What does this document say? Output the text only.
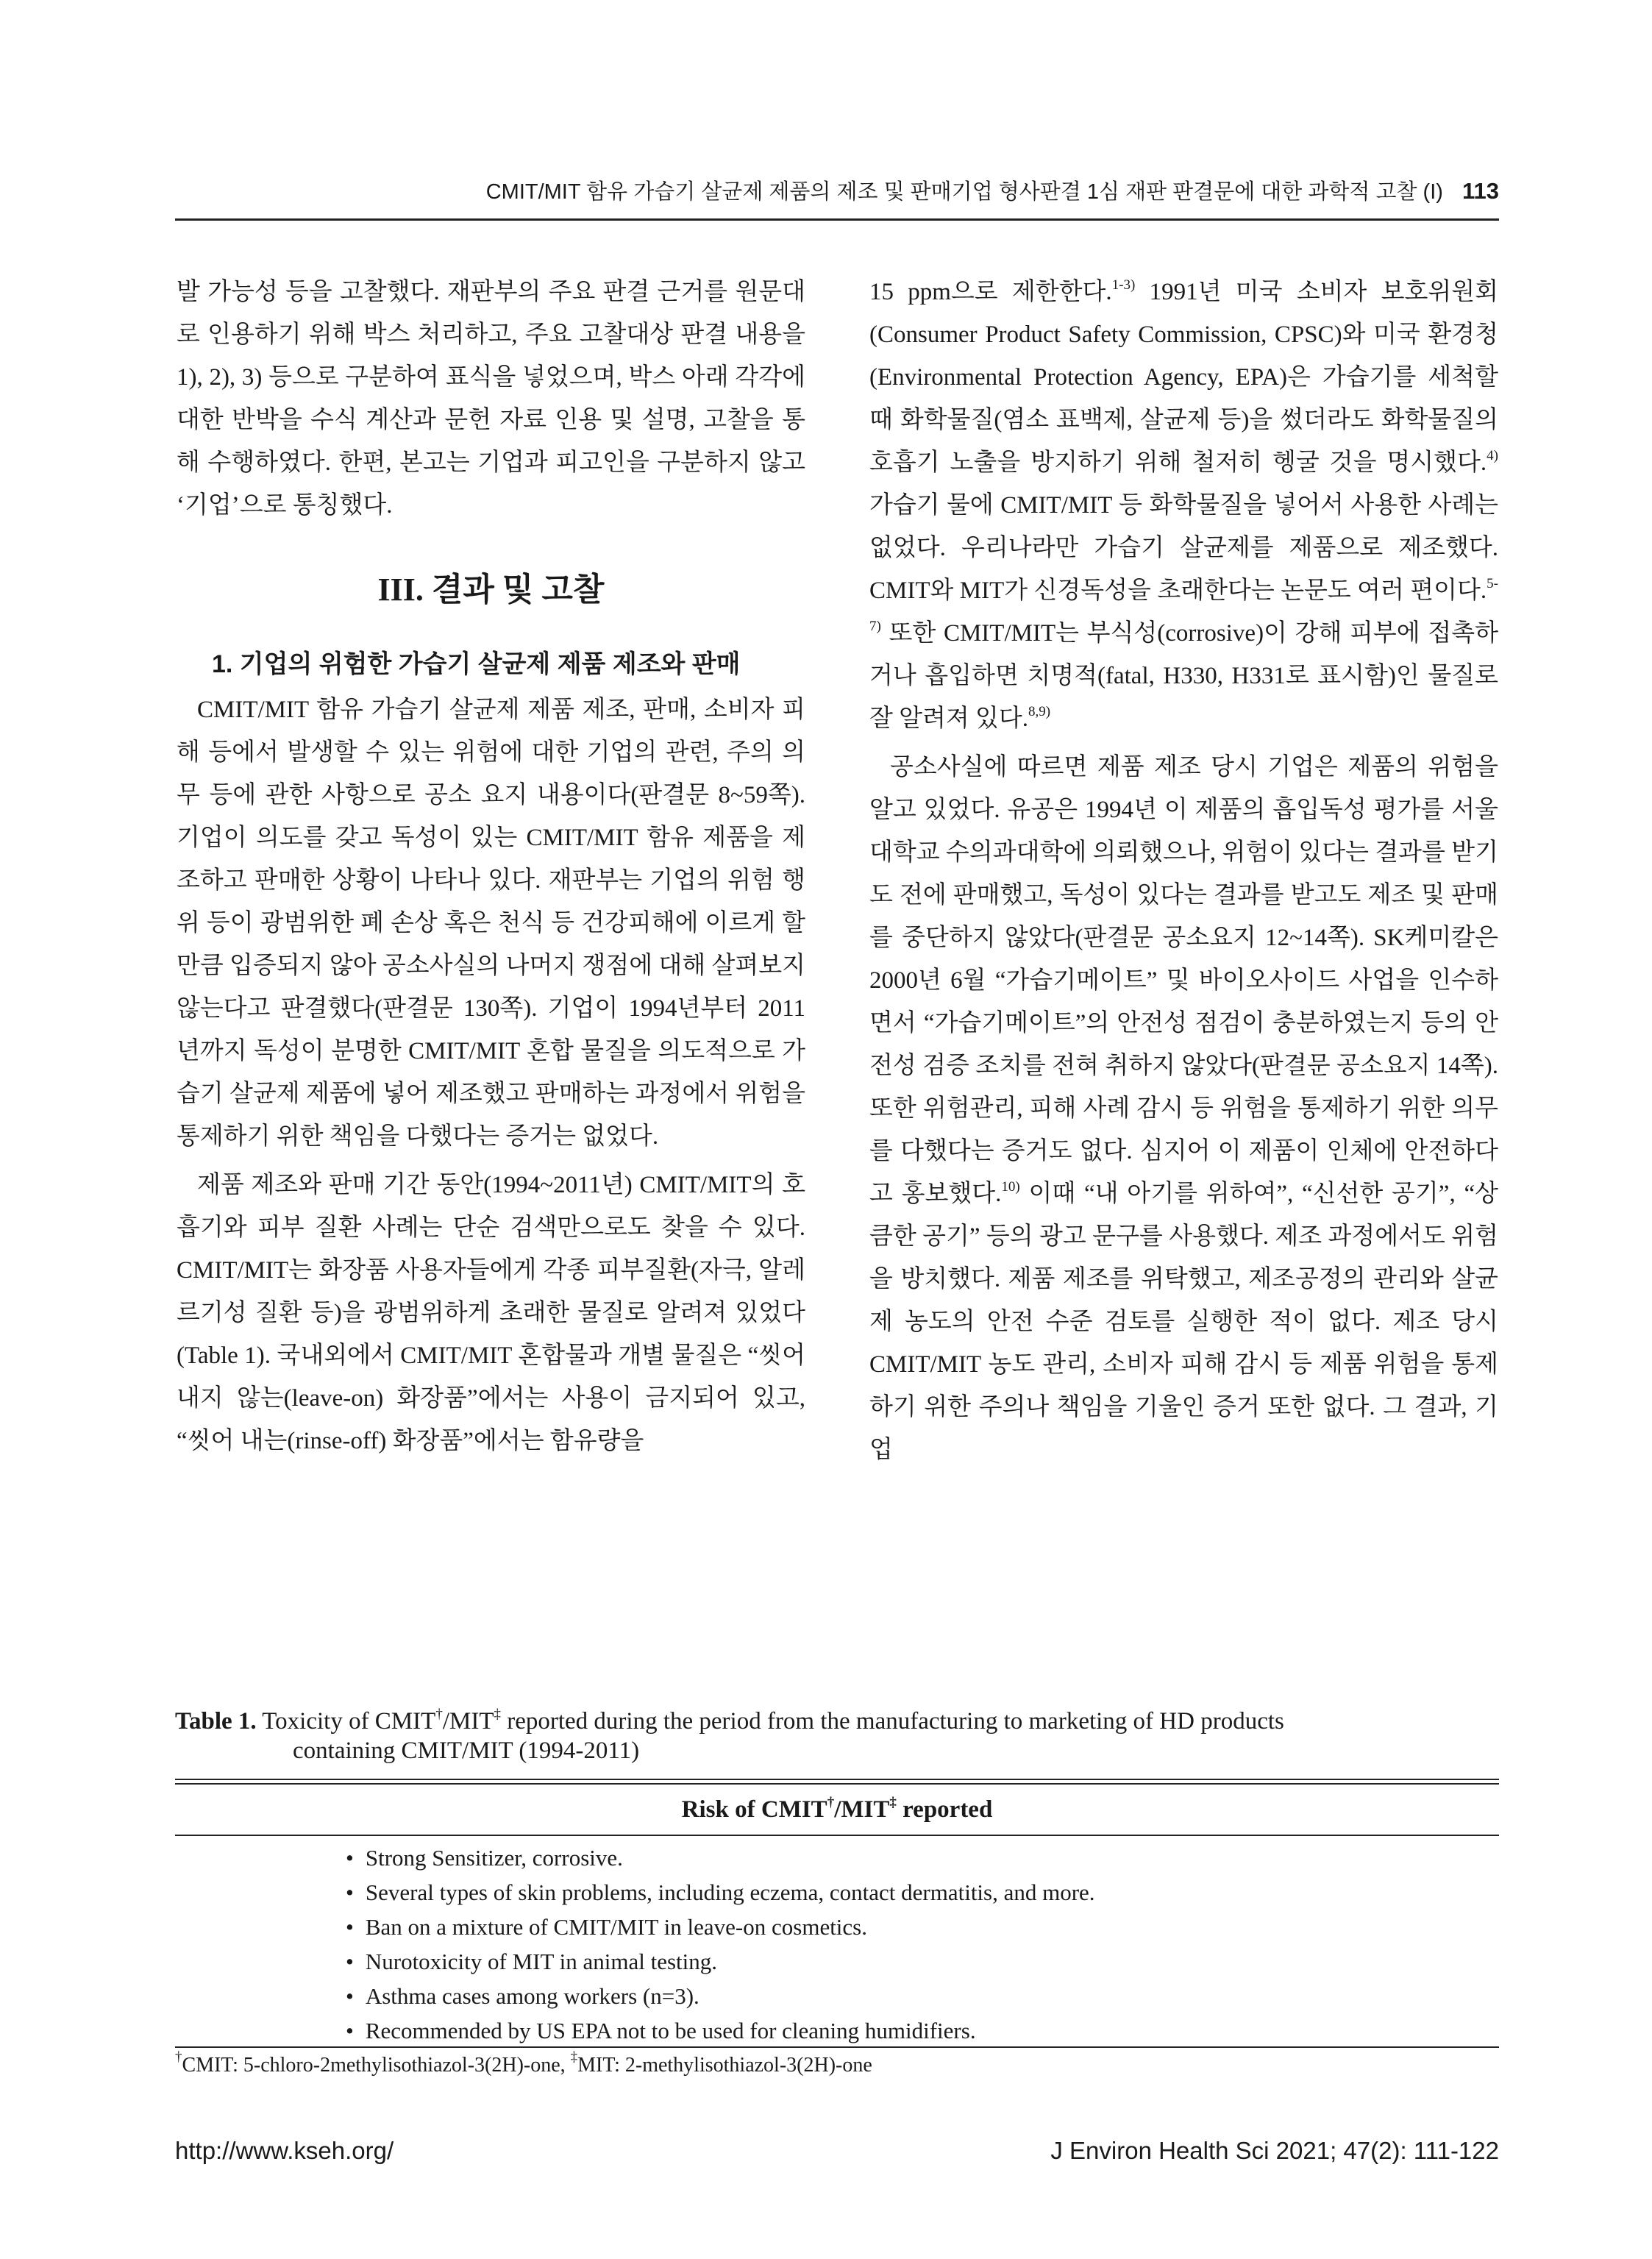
CMIT/MIT 함유 가습기 살균제 제품의 제조 및 판매기업 형사판결 1심 재판 판결문에 대한 과학적 고찰 (I) 113

발 가능성 등을 고찰했다. 재판부의 주요 판결 근거를 원문대로 인용하기 위해 박스 처리하고, 주요 고찰대상 판결 내용을 1), 2), 3) 등으로 구분하여 표식을 넣었으며, 박스 아래 각각에 대한 반박을 수식 계산과 문헌 자료 인용 및 설명, 고찰을 통해 수행하였다. 한편, 본고는 기업과 피고인을 구분하지 않고 ‘기업’으로 통칭했다.

III. 결과 및 고찰
1. 기업의 위험한 가습기 살균제 제품 제조와 판매

CMIT/MIT 함유 가습기 살균제 제품 제조, 판매, 소비자 피해 등에서 발생할 수 있는 위험에 대한 기업의 관련, 주의 의무 등에 관한 사항으로 공소 요지 내용이다(판결문 8~59쪽). 기업이 의도를 갖고 독성이 있는 CMIT/MIT 함유 제품을 제조하고 판매한 상황이 나타나 있다. 재판부는 기업의 위험 행위 등이 광범위한 폐 손상 혹은 천식 등 건강피해에 이르게 할 만큼 입증되지 않아 공소사실의 나머지 쟁점에 대해 살펴보지 않는다고 판결했다(판결문 130쪽). 기업이 1994년부터 2011년까지 독성이 분명한 CMIT/MIT 혼합 물질을 의도적으로 가습기 살균제 제품에 넣어 제조했고 판매하는 과정에서 위험을 통제하기 위한 책임을 다했다는 증거는 없었다.

제품 제조와 판매 기간 동안(1994~2011년) CMIT/MIT의 호흡기와 피부 질환 사례는 단순 검색만으로도 찾을 수 있다. CMIT/MIT는 화장품 사용자들에게 각종 피부질환(자극, 알레르기성 질환 등)을 광범위하게 초래한 물질로 알려져 있었다(Table 1). 국내외에서 CMIT/MIT 혼합물과 개별 물질은 “씻어 내지 않는(leave-on) 화장품”에서는 사용이 금지되어 있고, “씻어 내는(rinse-off) 화장품”에서는 함유량을

15 ppm으로 제한한다.$^{1-3)}$ 1991년 미국 소비자 보호위원회(Consumer Product Safety Commission, CPSC)와 미국 환경청(Environmental Protection Agency, EPA)은 가습기를 세척할 때 화학물질(염소 표백제, 살균제 등)을 썼더라도 화학물질의 호흡기 노출을 방지하기 위해 철저히 헹굴 것을 명시했다.$^{4)}$ 가습기 물에 CMIT/MIT 등 화학물질을 넣어서 사용한 사례는 없었다. 우리나라만 가습기 살균제를 제품으로 제조했다. CMIT와 MIT가 신경독성을 초래한다는 논문도 여러 편이다.$^{5-7)}$ 또한 CMIT/MIT는 부식성(corrosive)이 강해 피부에 접촉하거나 흡입하면 치명적(fatal, H330, H331로 표시함)인 물질로 잘 알려져 있다.$^{8,9)}$

공소사실에 따르면 제품 제조 당시 기업은 제품의 위험을 알고 있었다. 유공은 1994년 이 제품의 흡입독성 평가를 서울대학교 수의과대학에 의뢰했으나, 위험이 있다는 결과를 받기도 전에 판매했고, 독성이 있다는 결과를 받고도 제조 및 판매를 중단하지 않았다(판결문 공소요지 12~14쪽). SK케미칼은 2000년 6월 “가습기메이트” 및 바이오사이드 사업을 인수하면서 “가습기메이트”의 안전성 점검이 충분하였는지 등의 안전성 검증 조치를 전혀 취하지 않았다(판결문 공소요지 14쪽). 또한 위험관리, 피해 사례 감시 등 위험을 통제하기 위한 의무를 다했다는 증거도 없다. 심지어 이 제품이 인체에 안전하다고 홍보했다.$^{10)}$ 이때 “내 아기를 위하여”, “신선한 공기”, “상큼한 공기” 등의 광고 문구를 사용했다. 제조 과정에서도 위험을 방치했다. 제품 제조를 위탁했고, 제조공정의 관리와 살균제 농도의 안전 수준 검토를 실행한 적이 없다. 제조 당시 CMIT/MIT 농도 관리, 소비자 피해 감시 등 제품 위험을 통제하기 위한 주의나 책임을 기울인 증거 또한 없다. 그 결과, 기업

Table 1. Toxicity of CMIT†/MIT‡ reported during the period from the manufacturing to marketing of HD products
containing CMIT/MIT (1994-2011)
Risk of CMIT†/MIT‡ reported
• Strong Sensitizer, corrosive.
• Several types of skin problems, including eczema, contact dermatitis, and more.
• Ban on a mixture of CMIT/MIT in leave-on cosmetics.
• Nurotoxicity of MIT in animal testing.
• Asthma cases among workers (n=3).
• Recommended by US EPA not to be used for cleaning humidifiers.
†CMIT: 5-chloro-2methylisothiazol-3(2H)-one, ‡MIT: 2-methylisothiazol-3(2H)-one
http://www.kseh.org/	J Environ Health Sci 2021; 47(2): 111-122
